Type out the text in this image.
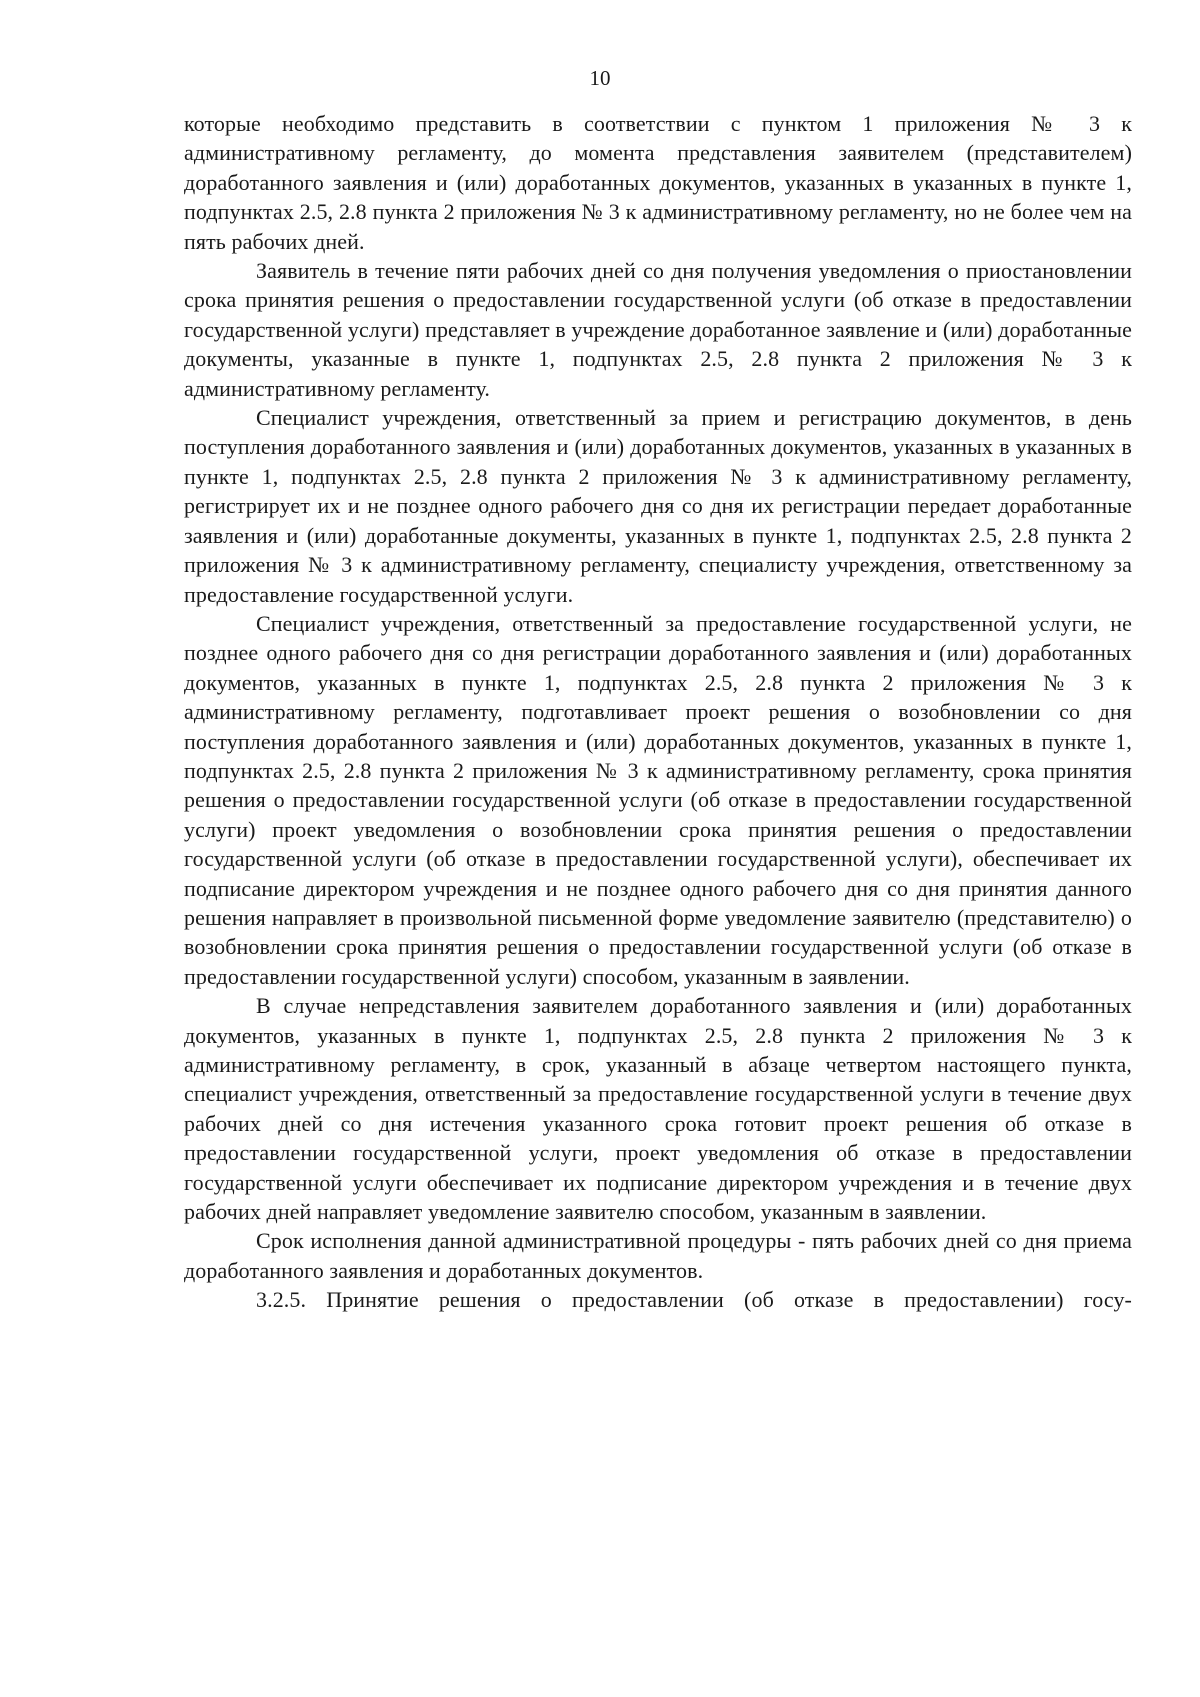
10

которые необходимо представить в соответствии с пунктом 1 приложения № 3 к административному регламенту, до момента представления заявителем (представителем) доработанного заявления и (или) доработанных документов, указанных в указанных в пункте 1, подпунктах 2.5, 2.8 пункта 2 приложения № 3 к административному регламенту, но не более чем на пять рабочих дней.

Заявитель в течение пяти рабочих дней со дня получения уведомления о приостановлении срока принятия решения о предоставлении государственной услуги (об отказе в предоставлении государственной услуги) представляет в учреждение доработанное заявление и (или) доработанные документы, указанные в пункте 1, подпунктах 2.5, 2.8 пункта 2 приложения № 3 к административному регламенту.

Специалист учреждения, ответственный за прием и регистрацию документов, в день поступления доработанного заявления и (или) доработанных документов, указанных в указанных в пункте 1, подпунктах 2.5, 2.8 пункта 2 приложения № 3 к административному регламенту, регистрирует их и не позднее одного рабочего дня со дня их регистрации передает доработанные заявления и (или) доработанные документы, указанных в пункте 1, подпунктах 2.5, 2.8 пункта 2 приложения № 3 к административному регламенту, специалисту учреждения, ответственному за предоставление государственной услуги.

Специалист учреждения, ответственный за предоставление государственной услуги, не позднее одного рабочего дня со дня регистрации доработанного заявления и (или) доработанных документов, указанных в пункте 1, подпунктах 2.5, 2.8 пункта 2 приложения № 3 к административному регламенту, подготавливает проект решения о возобновлении со дня поступления доработанного заявления и (или) доработанных документов, указанных в пункте 1, подпунктах 2.5, 2.8 пункта 2 приложения № 3 к административному регламенту, срока принятия решения о предоставлении государственной услуги (об отказе в предоставлении государственной услуги) проект уведомления о возобновлении срока принятия решения о предоставлении государственной услуги (об отказе в предоставлении государственной услуги), обеспечивает их подписание директором учреждения и не позднее одного рабочего дня со дня принятия данного решения направляет в произвольной письменной форме уведомление заявителю (представителю) о возобновлении срока принятия решения о предоставлении государственной услуги (об отказе в предоставлении государственной услуги) способом, указанным в заявлении.

В случае непредставления заявителем доработанного заявления и (или) доработанных документов, указанных в пункте 1, подпунктах 2.5, 2.8 пункта 2 приложения № 3 к административному регламенту, в срок, указанный в абзаце четвертом настоящего пункта, специалист учреждения, ответственный за предоставление государственной услуги в течение двух рабочих дней со дня истечения указанного срока готовит проект решения об отказе в предоставлении государственной услуги, проект уведомления об отказе в предоставлении государственной услуги обеспечивает их подписание директором учреждения и в течение двух рабочих дней направляет уведомление заявителю способом, указанным в заявлении.

Срок исполнения данной административной процедуры - пять рабочих дней со дня приема доработанного заявления и доработанных документов.

3.2.5. Принятие решения о предоставлении (об отказе в предоставлении) госу-
